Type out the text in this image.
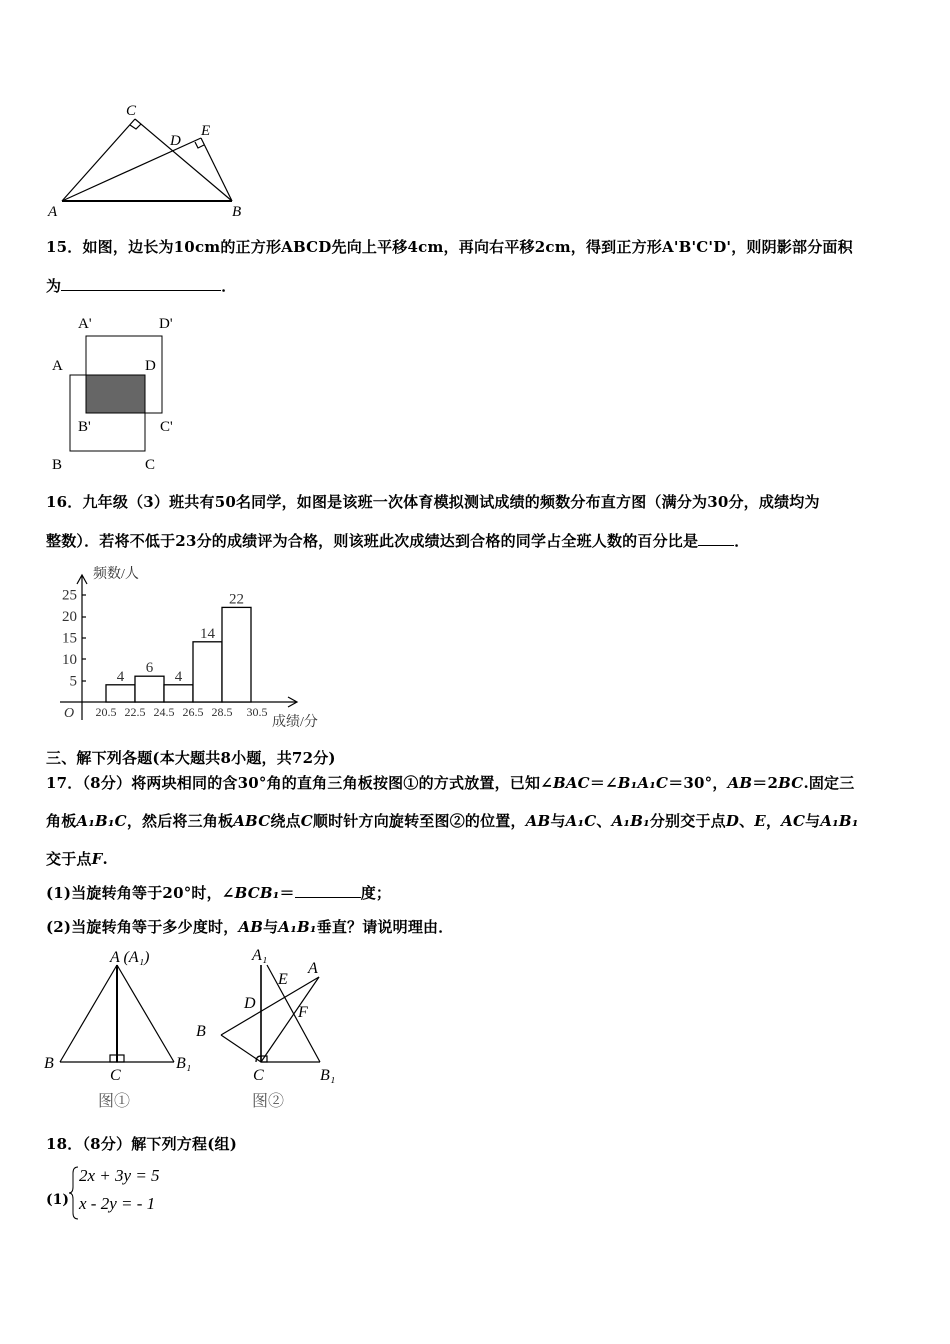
C
D
E
A	B
15．如图，边长为10cm的正方形ABCD先向上平移4cm，再向右平移2cm，得到正方形A'B'C'D'，则阴影部分面积
为	．
A'	D'
A	D
B'	C'
B	C
16．九年级（3）班共有50名同学，如图是该班一次体育模拟测试成绩的频数分布直方图（满分为30分，成绩均为
整数）．若将不低于23分的成绩评为合格，则该班此次成绩达到合格的同学占全班人数的百分比是 ．
4
6
4
14
22
5
10
15
20
25
20.5 22.5 24.5 26.5 28.5 30.5
频数/人
成绩/分
O
三、解下列各题(本大题共8小题，共72分)
17．（8分）将两块相同的含30°角的直角三角板按图①的方式放置，已知∠BAC＝∠B₁A₁C＝30°，AB＝2BC.固定三
角板A₁B₁C，然后将三角板ABC绕点C顺时针方向旋转至图②的位置，AB与A₁C、A₁B₁分别交于点D、E，AC与A₁B₁
交于点F.
(1)当旋转角等于20°时，∠BCB₁＝	度；
(2)当旋转角等于多少度时，AB与A₁B₁垂直？请说明理由．
A (A₁)
B
C
B₁
图①
A₁
A
E
D
F
B
C	B₁
图②
18．（8分）解下列方程(组)
(1)
2x + 3y = 5
x - 2y = - 1
